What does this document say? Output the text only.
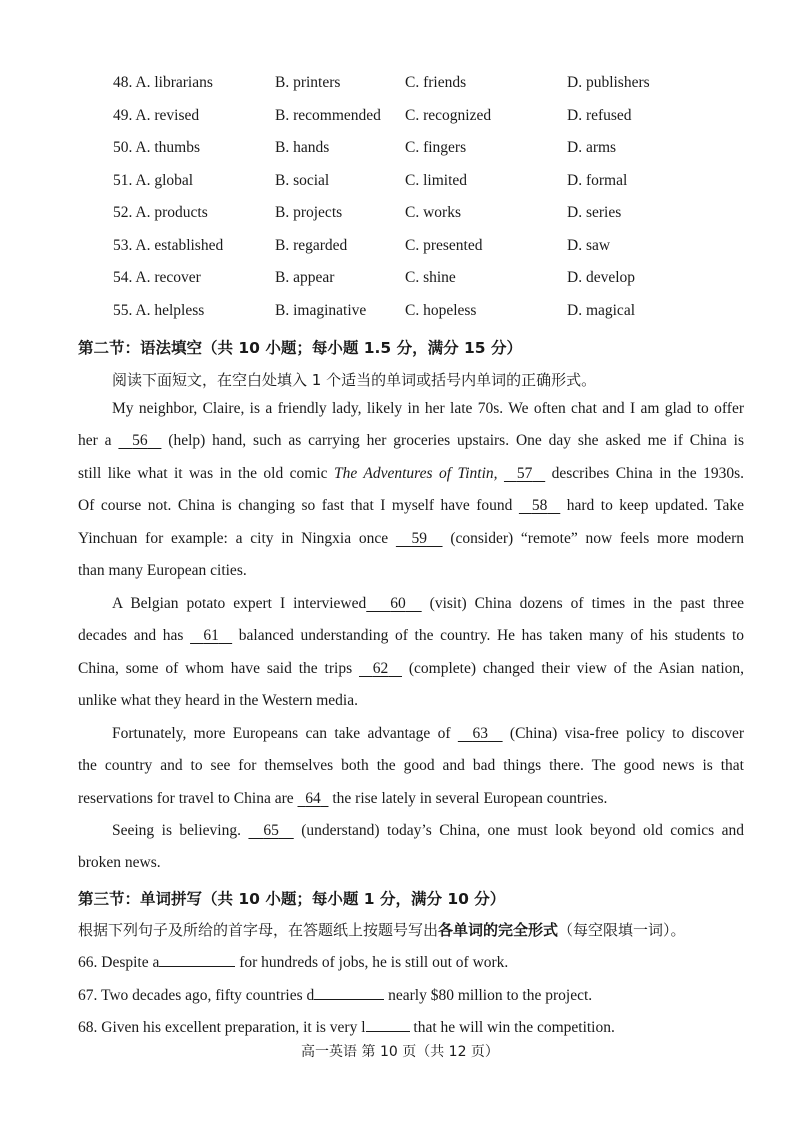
48. A. librarians	B. printers	C. friends	D. publishers
49. A. revised	B. recommended C. recognized	D. refused
50. A. thumbs	B. hands	C. fingers	D. arms
51. A. global	B. social	C. limited	D. formal
52. A. products	B. projects	C. works	D. series
53. A. established	B. regarded	C. presented	D. saw
54. A. recover	B. appear	C. shine	D. develop
55. A. helpless	B. imaginative C. hopeless	D. magical
第二节：语法填空（共 10 小题；每小题 1.5 分，满分 15 分）
阅读下面短文，在空白处填入 1 个适当的单词或括号内单词的正确形式。
My neighbor, Claire, is a friendly lady, likely in her late 70s. We often chat and I am glad to offer
her a 56 (help) hand, such as carrying her groceries upstairs. One day she asked me if China is
still like what it was in the old comic The Adventures of Tintin, 57 describes China in the 1930s.
Of course not. China is changing so fast that I myself have found 58 hard to keep updated. Take
Yinchuan for example: a city in Ningxia once 59 (consider) “remote” now feels more modern
than many European cities.
A Belgian potato expert I interviewed 60 (visit) China dozens of times in the past three
decades and has 61 balanced understanding of the country. He has taken many of his students to
China, some of whom have said the trips 62 (complete) changed their view of the Asian nation,
unlike what they heard in the Western media.
Fortunately, more Europeans can take advantage of 63 (China) visa-free policy to discover
the country and to see for themselves both the good and bad things there. The good news is that
reservations for travel to China are 64 the rise lately in several European countries.
Seeing is believing. 65 (understand) today’s China, one must look beyond old comics and
broken news.
第三节：单词拼写（共 10 小题；每小题 1 分，满分 10 分）
根据下列句子及所给的首字母，在答题纸上按题号写出各单词的完全形式（每空限填一词）。
66. Despite a	for hundreds of jobs, he is still out of work.
67. Two decades ago, fifty countries d	nearly $80 million to the project.
68. Given his excellent preparation, it is very l	that he will win the competition.
高一英语 第 10 页（共 12 页）
